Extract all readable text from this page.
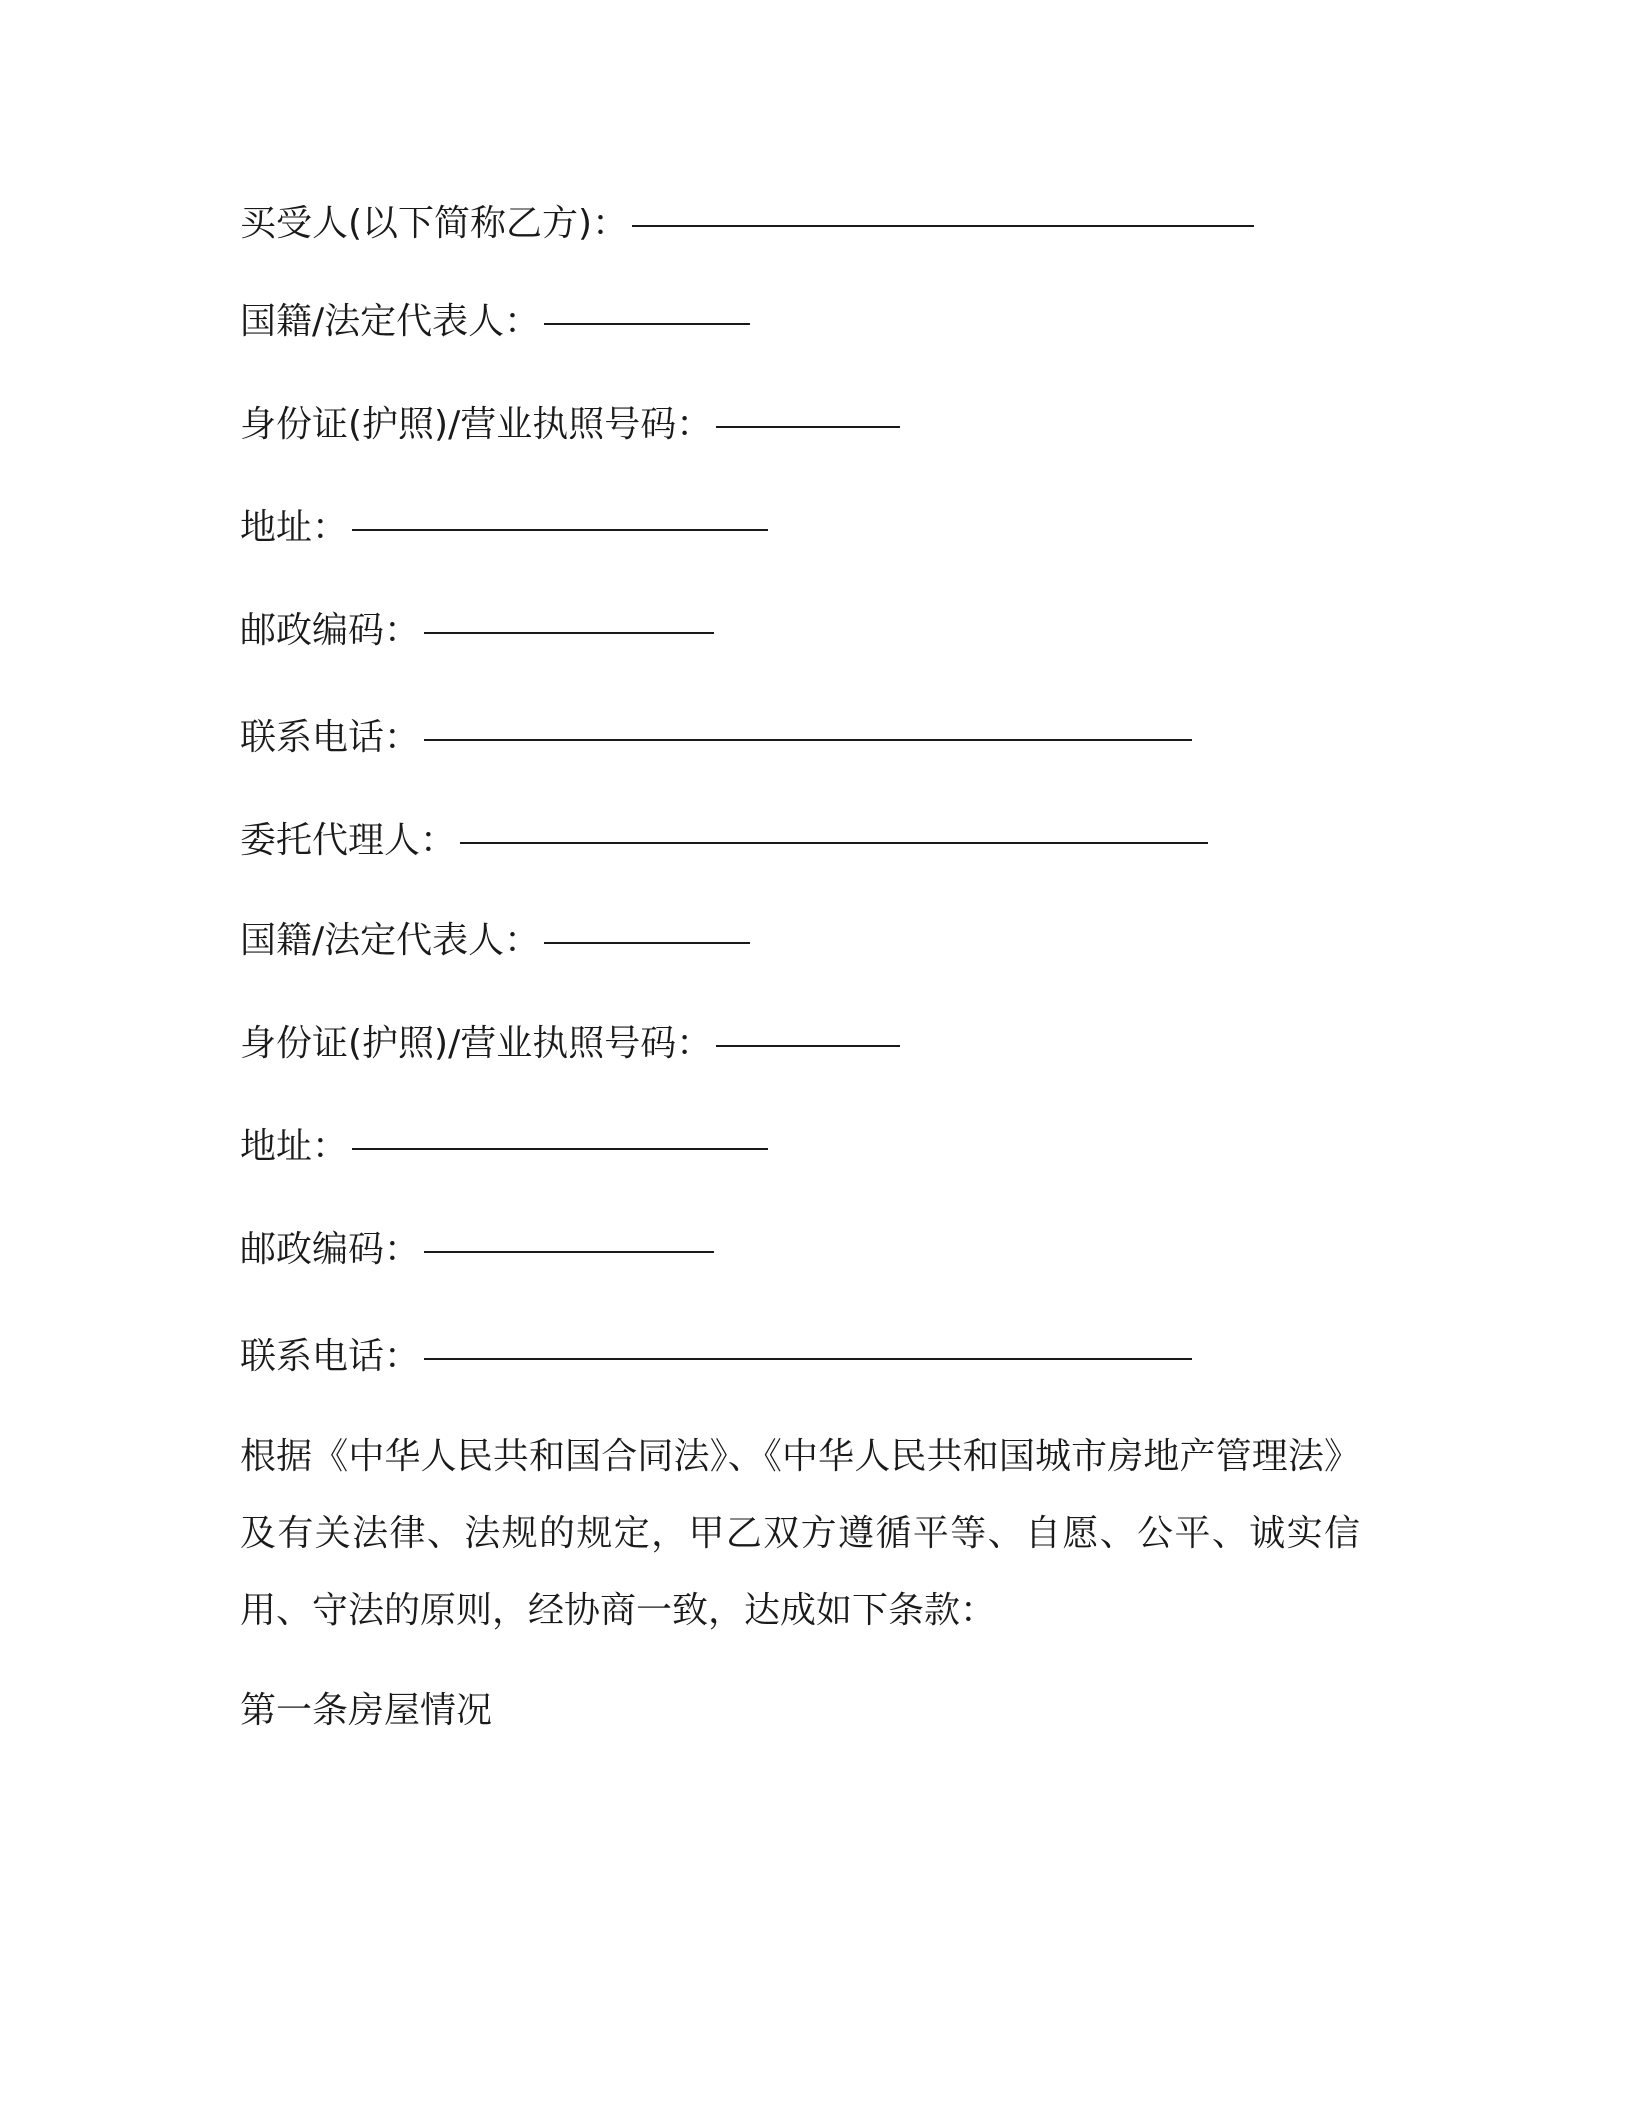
买受人(以下简称乙方)：
国籍/法定代表人：
身份证(护照)/营业执照号码：
地址：
邮政编码：
联系电话：
委托代理人：
国籍/法定代表人：
身份证(护照)/营业执照号码：
地址：
邮政编码：
联系电话：
根据《中华人民共和国合同法》、《中华人民共和国城市房地产管理法》及有关法律、法规的规定，甲乙双方遵循平等、自愿、公平、诚实信用、守法的原则，经协商一致，达成如下条款：
第一条房屋情况
